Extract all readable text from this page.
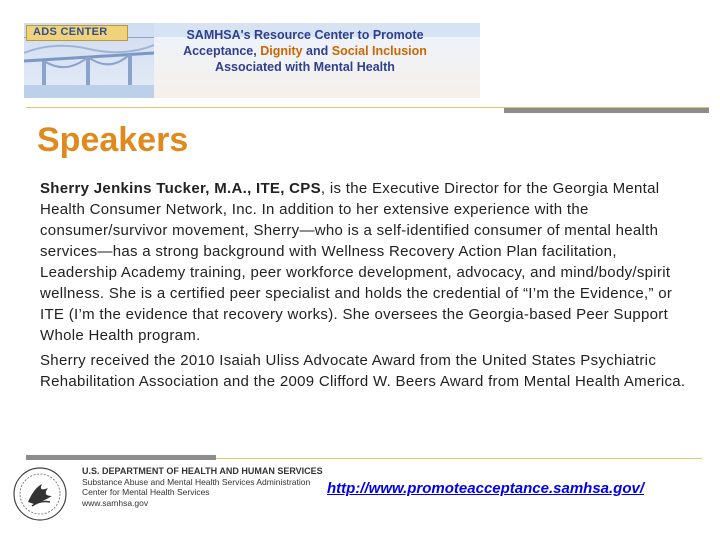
ADS CENTER	SAMHSA's Resource Center to Promote
Acceptance, Dignity and Social Inclusion
Associated with Mental Health
Speakers
Sherry Jenkins Tucker, M.A., ITE, CPS, is the Executive Director for the Georgia Mental Health Consumer Network, Inc. In addition to her extensive experience with the consumer/survivor movement, Sherry—who is a self-identified consumer of mental health services—has a strong background with Wellness Recovery Action Plan facilitation, Leadership Academy training, peer workforce development, advocacy, and mind/body/spirit wellness. She is a certified peer specialist and holds the credential of “I’m the Evidence,” or ITE (I’m the evidence that recovery works). She oversees the Georgia-based Peer Support Whole Health program.
Sherry received the 2010 Isaiah Uliss Advocate Award from the United States Psychiatric Rehabilitation Association and the 2009 Clifford W. Beers Award from Mental Health America.
U.S. DEPARTMENT OF HEALTH AND HUMAN SERVICES
Substance Abuse and Mental Health Services Administration
Center for Mental Health Services
www.samhsa.gov
http://www.promoteacceptance.samhsa.gov/
